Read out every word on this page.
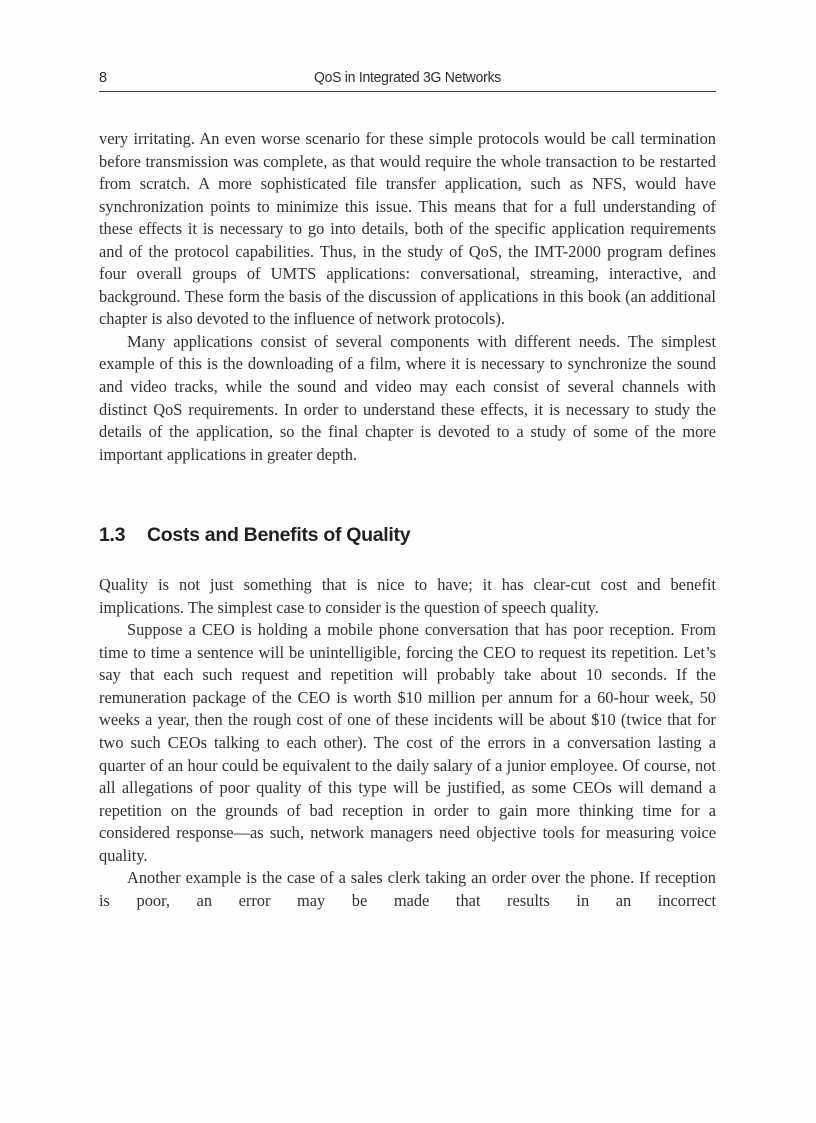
8	QoS in Integrated 3G Networks

very irritating. An even worse scenario for these simple protocols would be call termination before transmission was complete, as that would require the whole transaction to be restarted from scratch. A more sophisticated file transfer application, such as NFS, would have synchronization points to minimize this issue. This means that for a full understanding of these effects it is necessary to go into details, both of the specific application requirements and of the protocol capabilities. Thus, in the study of QoS, the IMT-2000 program defines four overall groups of UMTS applications: conversational, streaming, interactive, and background. These form the basis of the discussion of applications in this book (an additional chapter is also devoted to the influence of network protocols).

Many applications consist of several components with different needs. The simplest example of this is the downloading of a film, where it is necessary to synchronize the sound and video tracks, while the sound and video may each consist of several channels with distinct QoS requirements. In order to understand these effects, it is necessary to study the details of the application, so the final chapter is devoted to a study of some of the more important applications in greater depth.

1.3	Costs and Benefits of Quality

Quality is not just something that is nice to have; it has clear-cut cost and benefit implications. The simplest case to consider is the question of speech quality.

Suppose a CEO is holding a mobile phone conversation that has poor reception. From time to time a sentence will be unintelligible, forcing the CEO to request its repetition. Let’s say that each such request and repetition will probably take about 10 seconds. If the remuneration package of the CEO is worth $10 million per annum for a 60-hour week, 50 weeks a year, then the rough cost of one of these incidents will be about $10 (twice that for two such CEOs talking to each other). The cost of the errors in a conversation lasting a quarter of an hour could be equivalent to the daily salary of a junior employee. Of course, not all allegations of poor quality of this type will be justified, as some CEOs will demand a repetition on the grounds of bad reception in order to gain more thinking time for a considered response—as such, network managers need objective tools for measuring voice quality.

Another example is the case of a sales clerk taking an order over the phone. If reception is poor, an error may be made that results in an incorrect
